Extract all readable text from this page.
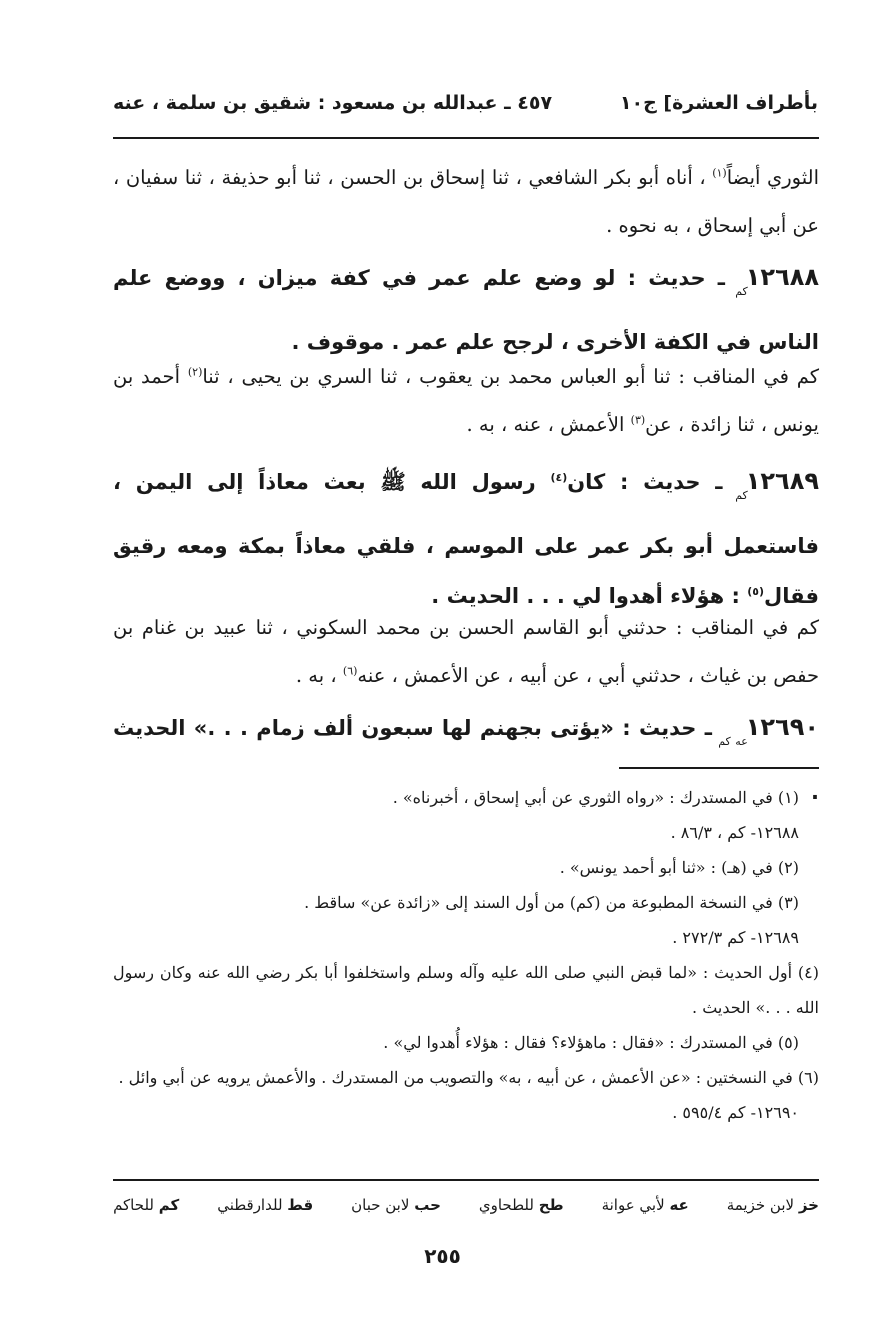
بأطراف العشرة] ج١٠
٤٥٧ ـ عبدالله بن مسعود : شقيق بن سلمة ، عنه
الثوري أيضاً$^{(١)}$ ، أناه أبو بكر الشافعي ، ثنا إسحاق بن الحسن ، ثنا أبو حذيفة ، ثنا سفيان ، عن أبي إسحاق ، به نحوه .
$١٢٦٨٨_{كم}$ ـ حديث : لو وضع علم عمر في كفة ميزان ، ووضع علم الناس في الكفة الأخرى ، لرجح علم عمر . موقوف .
كم في المناقب : ثنا أبو العباس محمد بن يعقوب ، ثنا السري بن يحيى ، ثنا$^{(٢)}$ أحمد بن يونس ، ثنا زائدة ، عن$^{(٣)}$ الأعمش ، عنه ، به .
$١٢٦٨٩_{كم}$ ـ حديث : كان$^{(٤)}$ رسول الله ﷺ بعث معاذاً إلى اليمن ، فاستعمل أبو بكر عمر على الموسم ، فلقي معاذاً بمكة ومعه رقيق فقال$^{(٥)}$ : هؤلاء أهدوا لي . . . الحديث .
كم في المناقب : حدثني أبو القاسم الحسن بن محمد السكوني ، ثنا عبيد بن غنام بن حفص بن غياث ، حدثني أبي ، عن أبيه ، عن الأعمش ، عنه$^{(٦)}$ ، به .
$١٢٦٩٠_{عه كم}$ ـ حديث : «يؤتى بجهنم لها سبعون ألف زمام . . .» الحديث .
(١) في المستدرك : «رواه الثوري عن أبي إسحاق ، أخبرناه» .
١٢٦٨٨- كم ، ٨٦/٣ .
(٢) في (هـ) : «ثنا أبو أحمد يونس» .
(٣) في النسخة المطبوعة من (كم) من أول السند إلى «زائدة عن» ساقط .
١٢٦٨٩- كم ٢٧٢/٣ .
(٤) أول الحديث : «لما قبض النبي صلى الله عليه وآله وسلم واستخلفوا أبا بكر رضي الله عنه وكان رسول الله . . .» الحديث .
(٥) في المستدرك : «فقال : ماهؤلاء؟ فقال : هؤلاء أُهدوا لي» .
(٦) في النسختين : «عن الأعمش ، عن أبيه ، به» والتصويب من المستدرك . والأعمش يرويه عن أبي وائل .
١٢٦٩٠- كم ٥٩٥/٤ .
خز لابن خزيمة
عه لأبي عوانة
طح للطحاوي
حب لابن حبان
قط للدارقطني
كم للحاكم
٢٥٥
